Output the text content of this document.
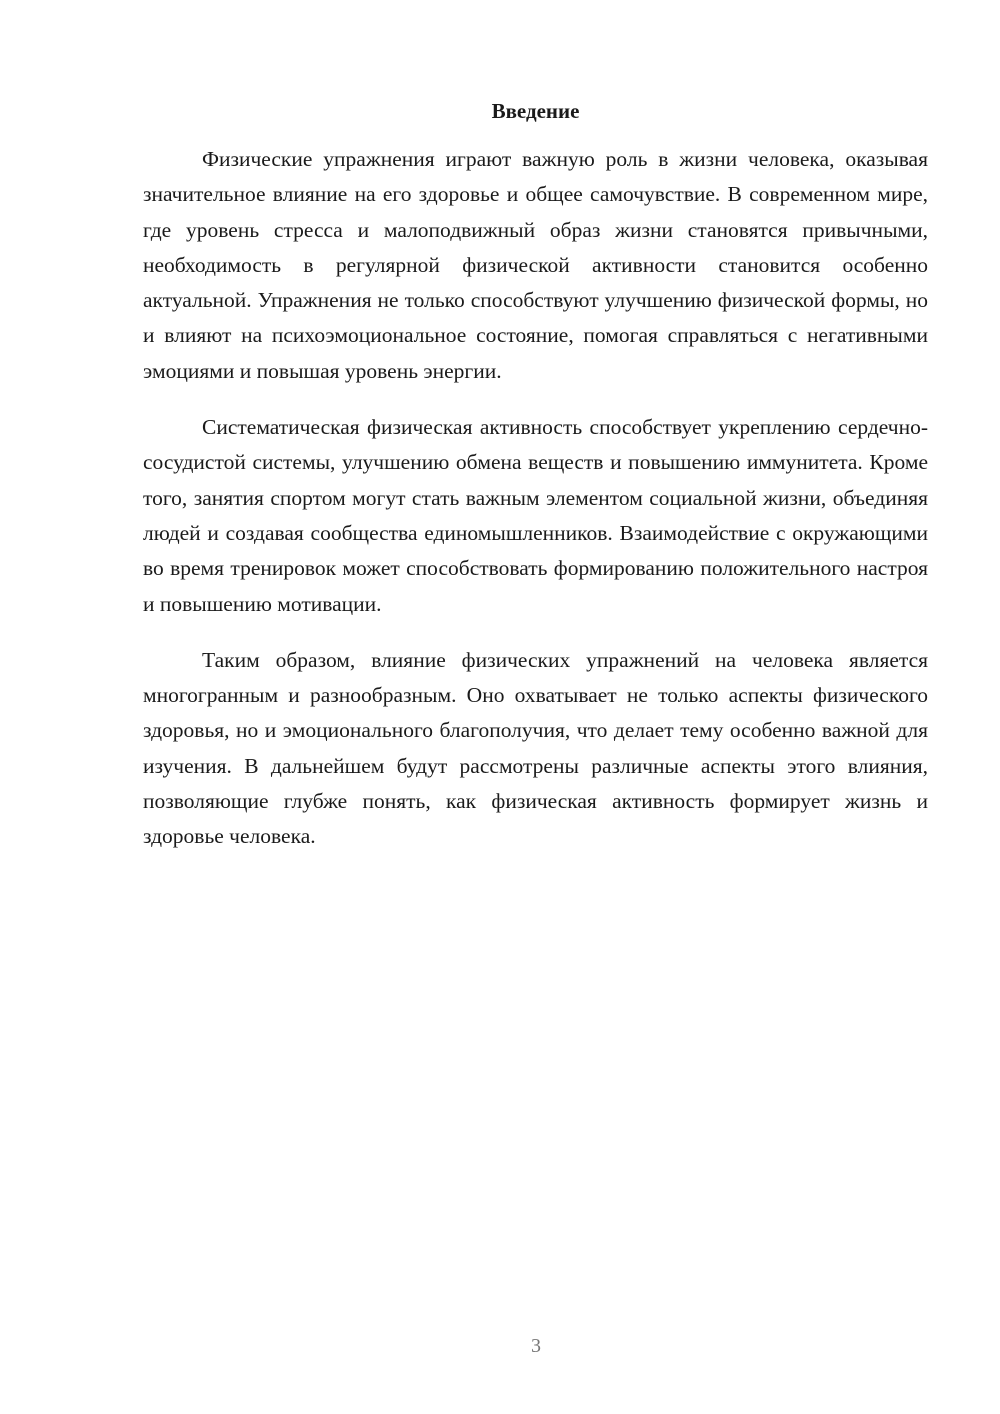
Введение

Физические упражнения играют важную роль в жизни человека, оказывая значительное влияние на его здоровье и общее самочувствие. В современном мире, где уровень стресса и малоподвижный образ жизни становятся привычными, необходимость в регулярной физической активности становится особенно актуальной. Упражнения не только способствуют улучшению физической формы, но и влияют на психоэмоциональное состояние, помогая справляться с негативными эмоциями и повышая уровень энергии.

Систематическая физическая активность способствует укреплению сердечно-сосудистой системы, улучшению обмена веществ и повышению иммунитета. Кроме того, занятия спортом могут стать важным элементом социальной жизни, объединяя людей и создавая сообщества единомышленников. Взаимодействие с окружающими во время тренировок может способствовать формированию положительного настроя и повышению мотивации.

Таким образом, влияние физических упражнений на человека является многогранным и разнообразным. Оно охватывает не только аспекты физического здоровья, но и эмоционального благополучия, что делает тему особенно важной для изучения. В дальнейшем будут рассмотрены различные аспекты этого влияния, позволяющие глубже понять, как физическая активность формирует жизнь и здоровье человека.

3
